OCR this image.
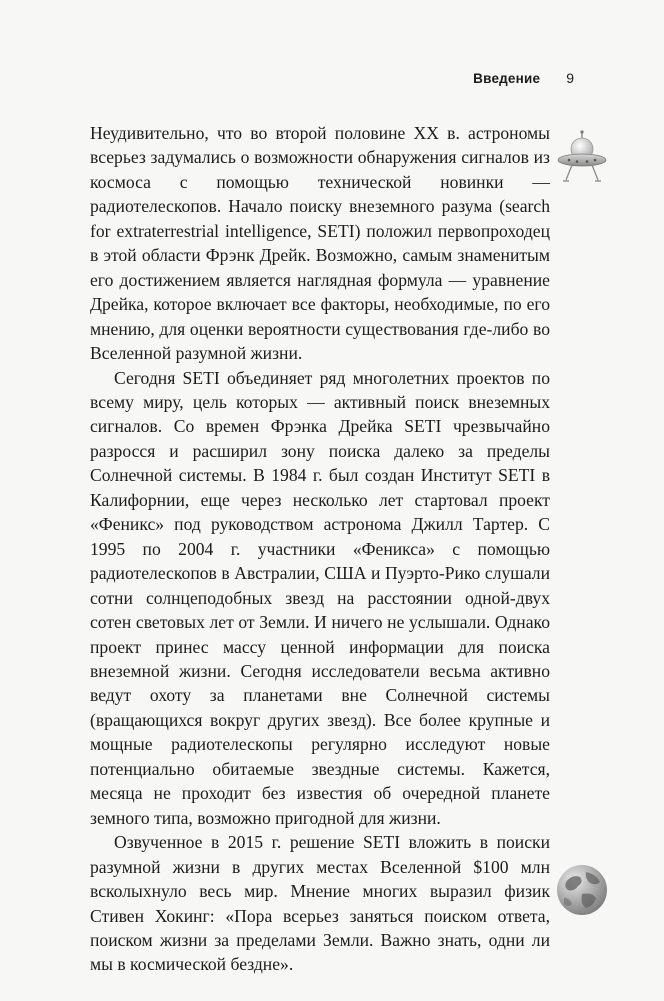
Введение 9

Неудивительно, что во второй половине XX в. астрономы всерьез задумались о возможности обнаружения сигналов из космоса с помощью технической новинки — радиотелескопов. Начало поиску внеземного разума (search for extraterrestrial intelligence, SETI) положил первопроходец в этой области Фрэнк Дрейк. Возможно, самым знаменитым его достижением является наглядная формула — уравнение Дрейка, которое включает все факторы, необходимые, по его мнению, для оценки вероятности существования где-либо во Вселенной разумной жизни.

Сегодня SETI объединяет ряд многолетних проектов по всему миру, цель которых — активный поиск внеземных сигналов. Со времен Фрэнка Дрейка SETI чрезвычайно разросся и расширил зону поиска далеко за пределы Солнечной системы. В 1984 г. был создан Институт SETI в Калифорнии, еще через несколько лет стартовал проект «Феникс» под руководством астронома Джилл Тартер. С 1995 по 2004 г. участники «Феникса» с помощью радиотелескопов в Австралии, США и Пуэрто-Рико слушали сотни солнцеподобных звезд на расстоянии одной-двух сотен световых лет от Земли. И ничего не услышали. Однако проект принес массу ценной информации для поиска внеземной жизни. Сегодня исследователи весьма активно ведут охоту за планетами вне Солнечной системы (вращающихся вокруг других звезд). Все более крупные и мощные радиотелескопы регулярно исследуют новые потенциально обитаемые звездные системы. Кажется, месяца не проходит без известия об очередной планете земного типа, возможно пригодной для жизни.

Озвученное в 2015 г. решение SETI вложить в поиски разумной жизни в других местах Вселенной $100 млн всколыхнуло весь мир. Мнение многих выразил физик Стивен Хокинг: «Пора всерьез заняться поиском ответа, поиском жизни за пределами Земли. Важно знать, одни ли мы в космической бездне».
